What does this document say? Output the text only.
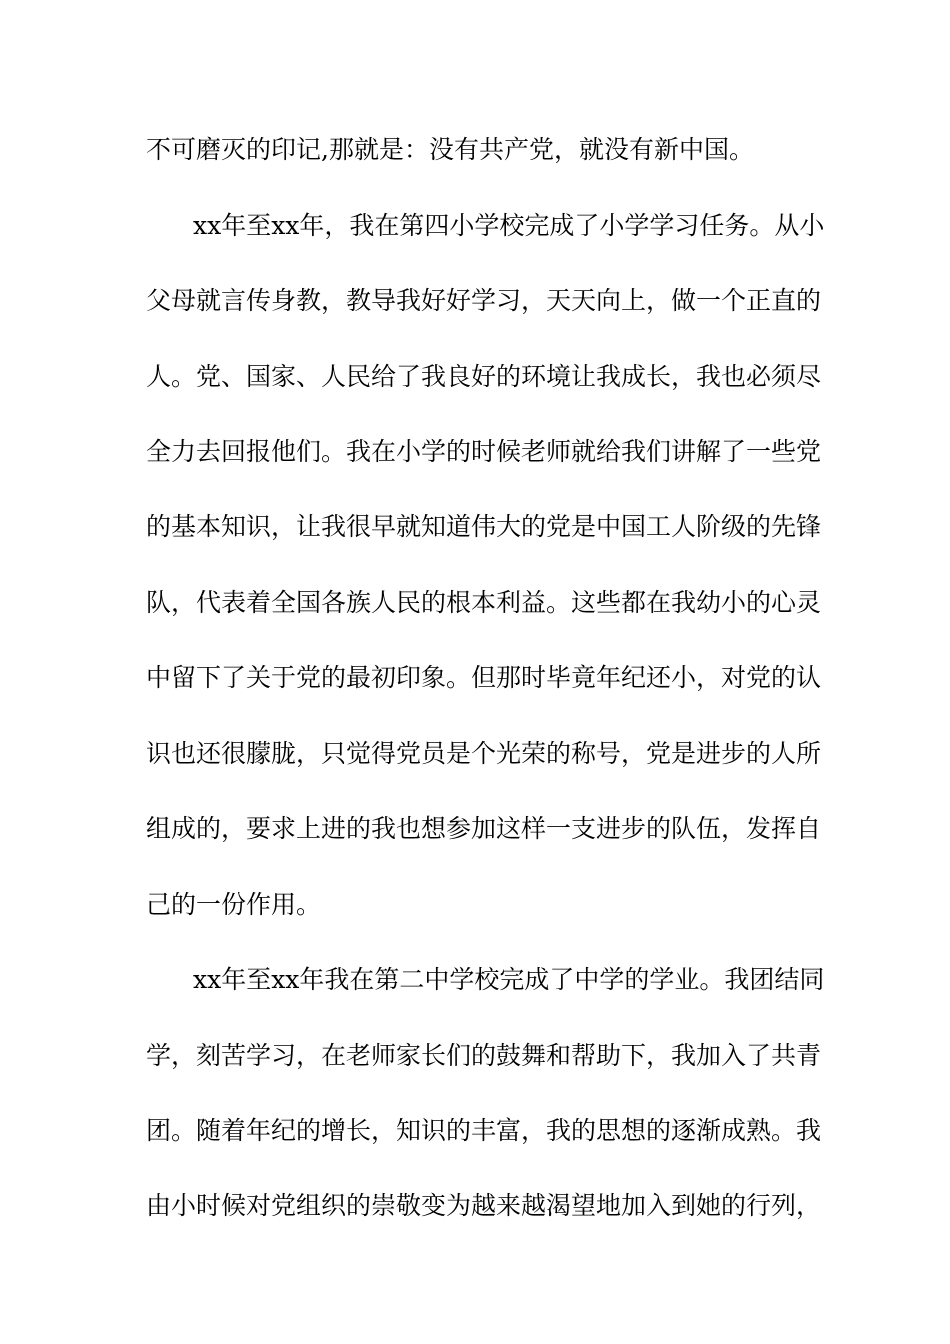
不可磨灭的印记,那就是：没有共产党，就没有新中国。
xx年至xx年，我在第四小学校完成了小学学习任务。从小
父母就言传身教，教导我好好学习，天天向上，做一个正直的
人。党、国家、人民给了我良好的环境让我成长，我也必须尽
全力去回报他们。我在小学的时候老师就给我们讲解了一些党
的基本知识，让我很早就知道伟大的党是中国工人阶级的先锋
队，代表着全国各族人民的根本利益。这些都在我幼小的心灵
中留下了关于党的最初印象。但那时毕竟年纪还小，对党的认
识也还很朦胧，只觉得党员是个光荣的称号，党是进步的人所
组成的，要求上进的我也想参加这样一支进步的队伍，发挥自
己的一份作用。
xx年至xx年我在第二中学校完成了中学的学业。我团结同
学，刻苦学习，在老师家长们的鼓舞和帮助下，我加入了共青
团。随着年纪的增长，知识的丰富，我的思想的逐渐成熟。我
由小时候对党组织的崇敬变为越来越渴望地加入到她的行列，
